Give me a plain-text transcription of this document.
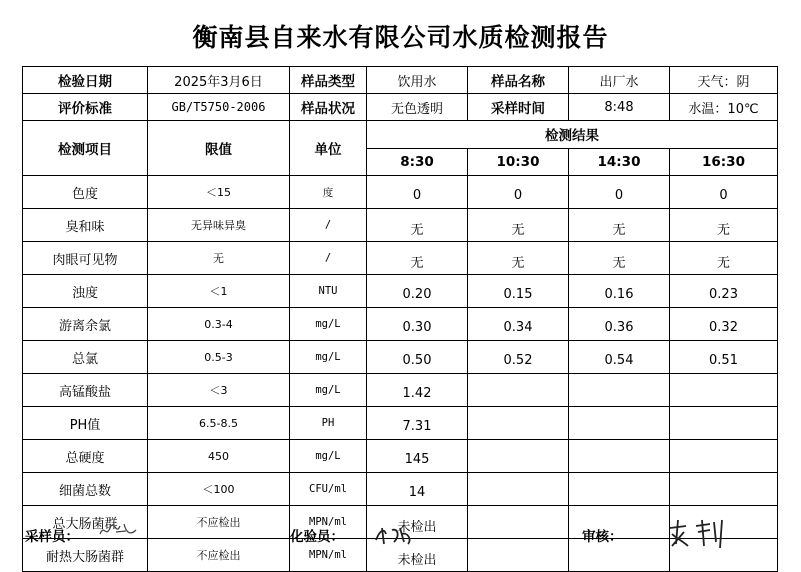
衡南县自来水有限公司水质检测报告
检验日期	2025年3月6日	样品类型	饮用水	样品名称	出厂水	天气：阴
评价标准	GB/T5750-2006	样品状况	无色透明	采样时间	8:48	水温：10℃
检测项目	限值	单位	检测结果			
			8:30	10:30	14:30	16:30
色度	＜15	度	0	0	0	0
臭和味	无异味异臭	/	无	无	无	无
肉眼可见物	无	/	无	无	无	无
浊度	＜1	NTU	0.20	0.15	0.16	0.23
游离余氯	0.3-4	mg/L	0.30	0.34	0.36	0.32
总氯	0.5-3	mg/L	0.50	0.52	0.54	0.51
高锰酸盐	＜3	mg/L	1.42			
PH值	6.5-8.5	PH	7.31			
总硬度	450	mg/L	145			
细菌总数	＜100	CFU/ml	14			
总大肠菌群	不应检出	MPN/ml	未检出			
耐热大肠菌群	不应检出	MPN/ml	未检出			
采样员：	化验员：	审核：
